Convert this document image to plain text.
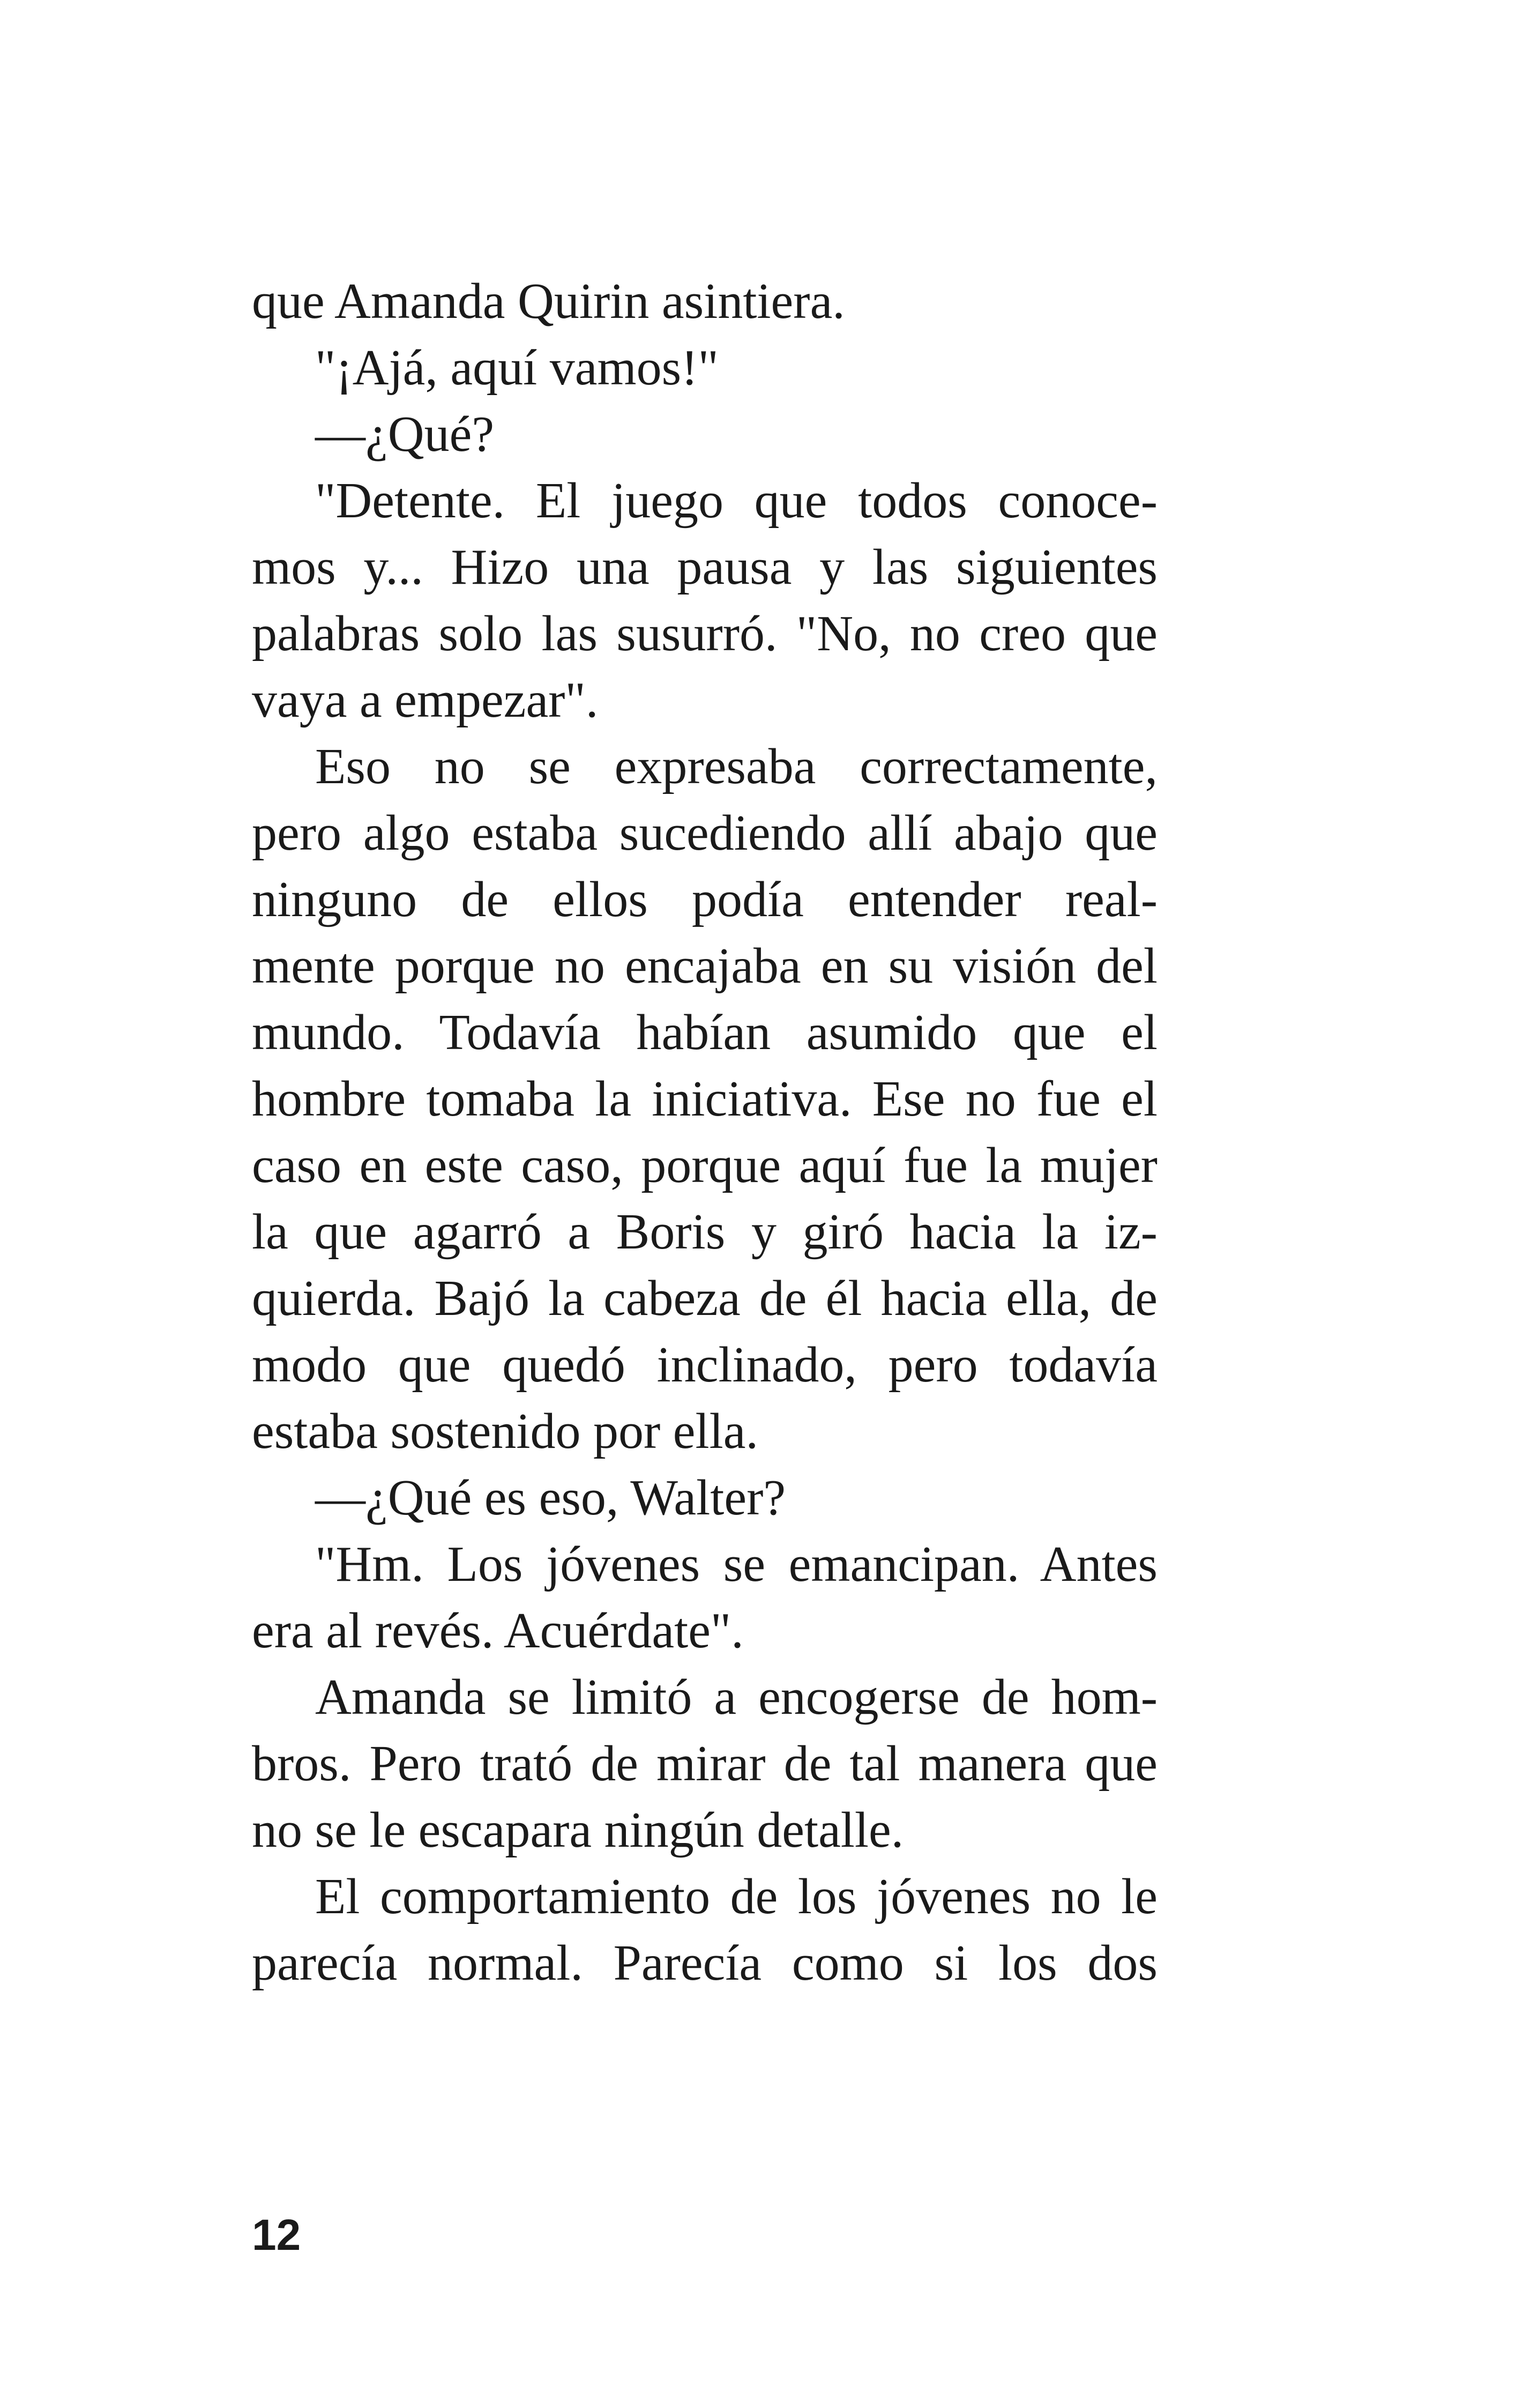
que Amanda Quirin asintiera.
"¡Ajá, aquí vamos!"
—¿Qué?
"Detente. El juego que todos conoce-
mos y... Hizo una pausa y las siguientes
palabras solo las susurró. "No, no creo que
vaya a empezar".
Eso no se expresaba correctamente,
pero algo estaba sucediendo allí abajo que
ninguno de ellos podía entender real-
mente porque no encajaba en su visión del
mundo. Todavía habían asumido que el
hombre tomaba la iniciativa. Ese no fue el
caso en este caso, porque aquí fue la mujer
la que agarró a Boris y giró hacia la iz-
quierda. Bajó la cabeza de él hacia ella, de
modo que quedó inclinado, pero todavía
estaba sostenido por ella.
—¿Qué es eso, Walter?
"Hm. Los jóvenes se emancipan. Antes
era al revés. Acuérdate".
Amanda se limitó a encogerse de hom-
bros. Pero trató de mirar de tal manera que
no se le escapara ningún detalle.
El comportamiento de los jóvenes no le
parecía normal. Parecía como si los dos
12
